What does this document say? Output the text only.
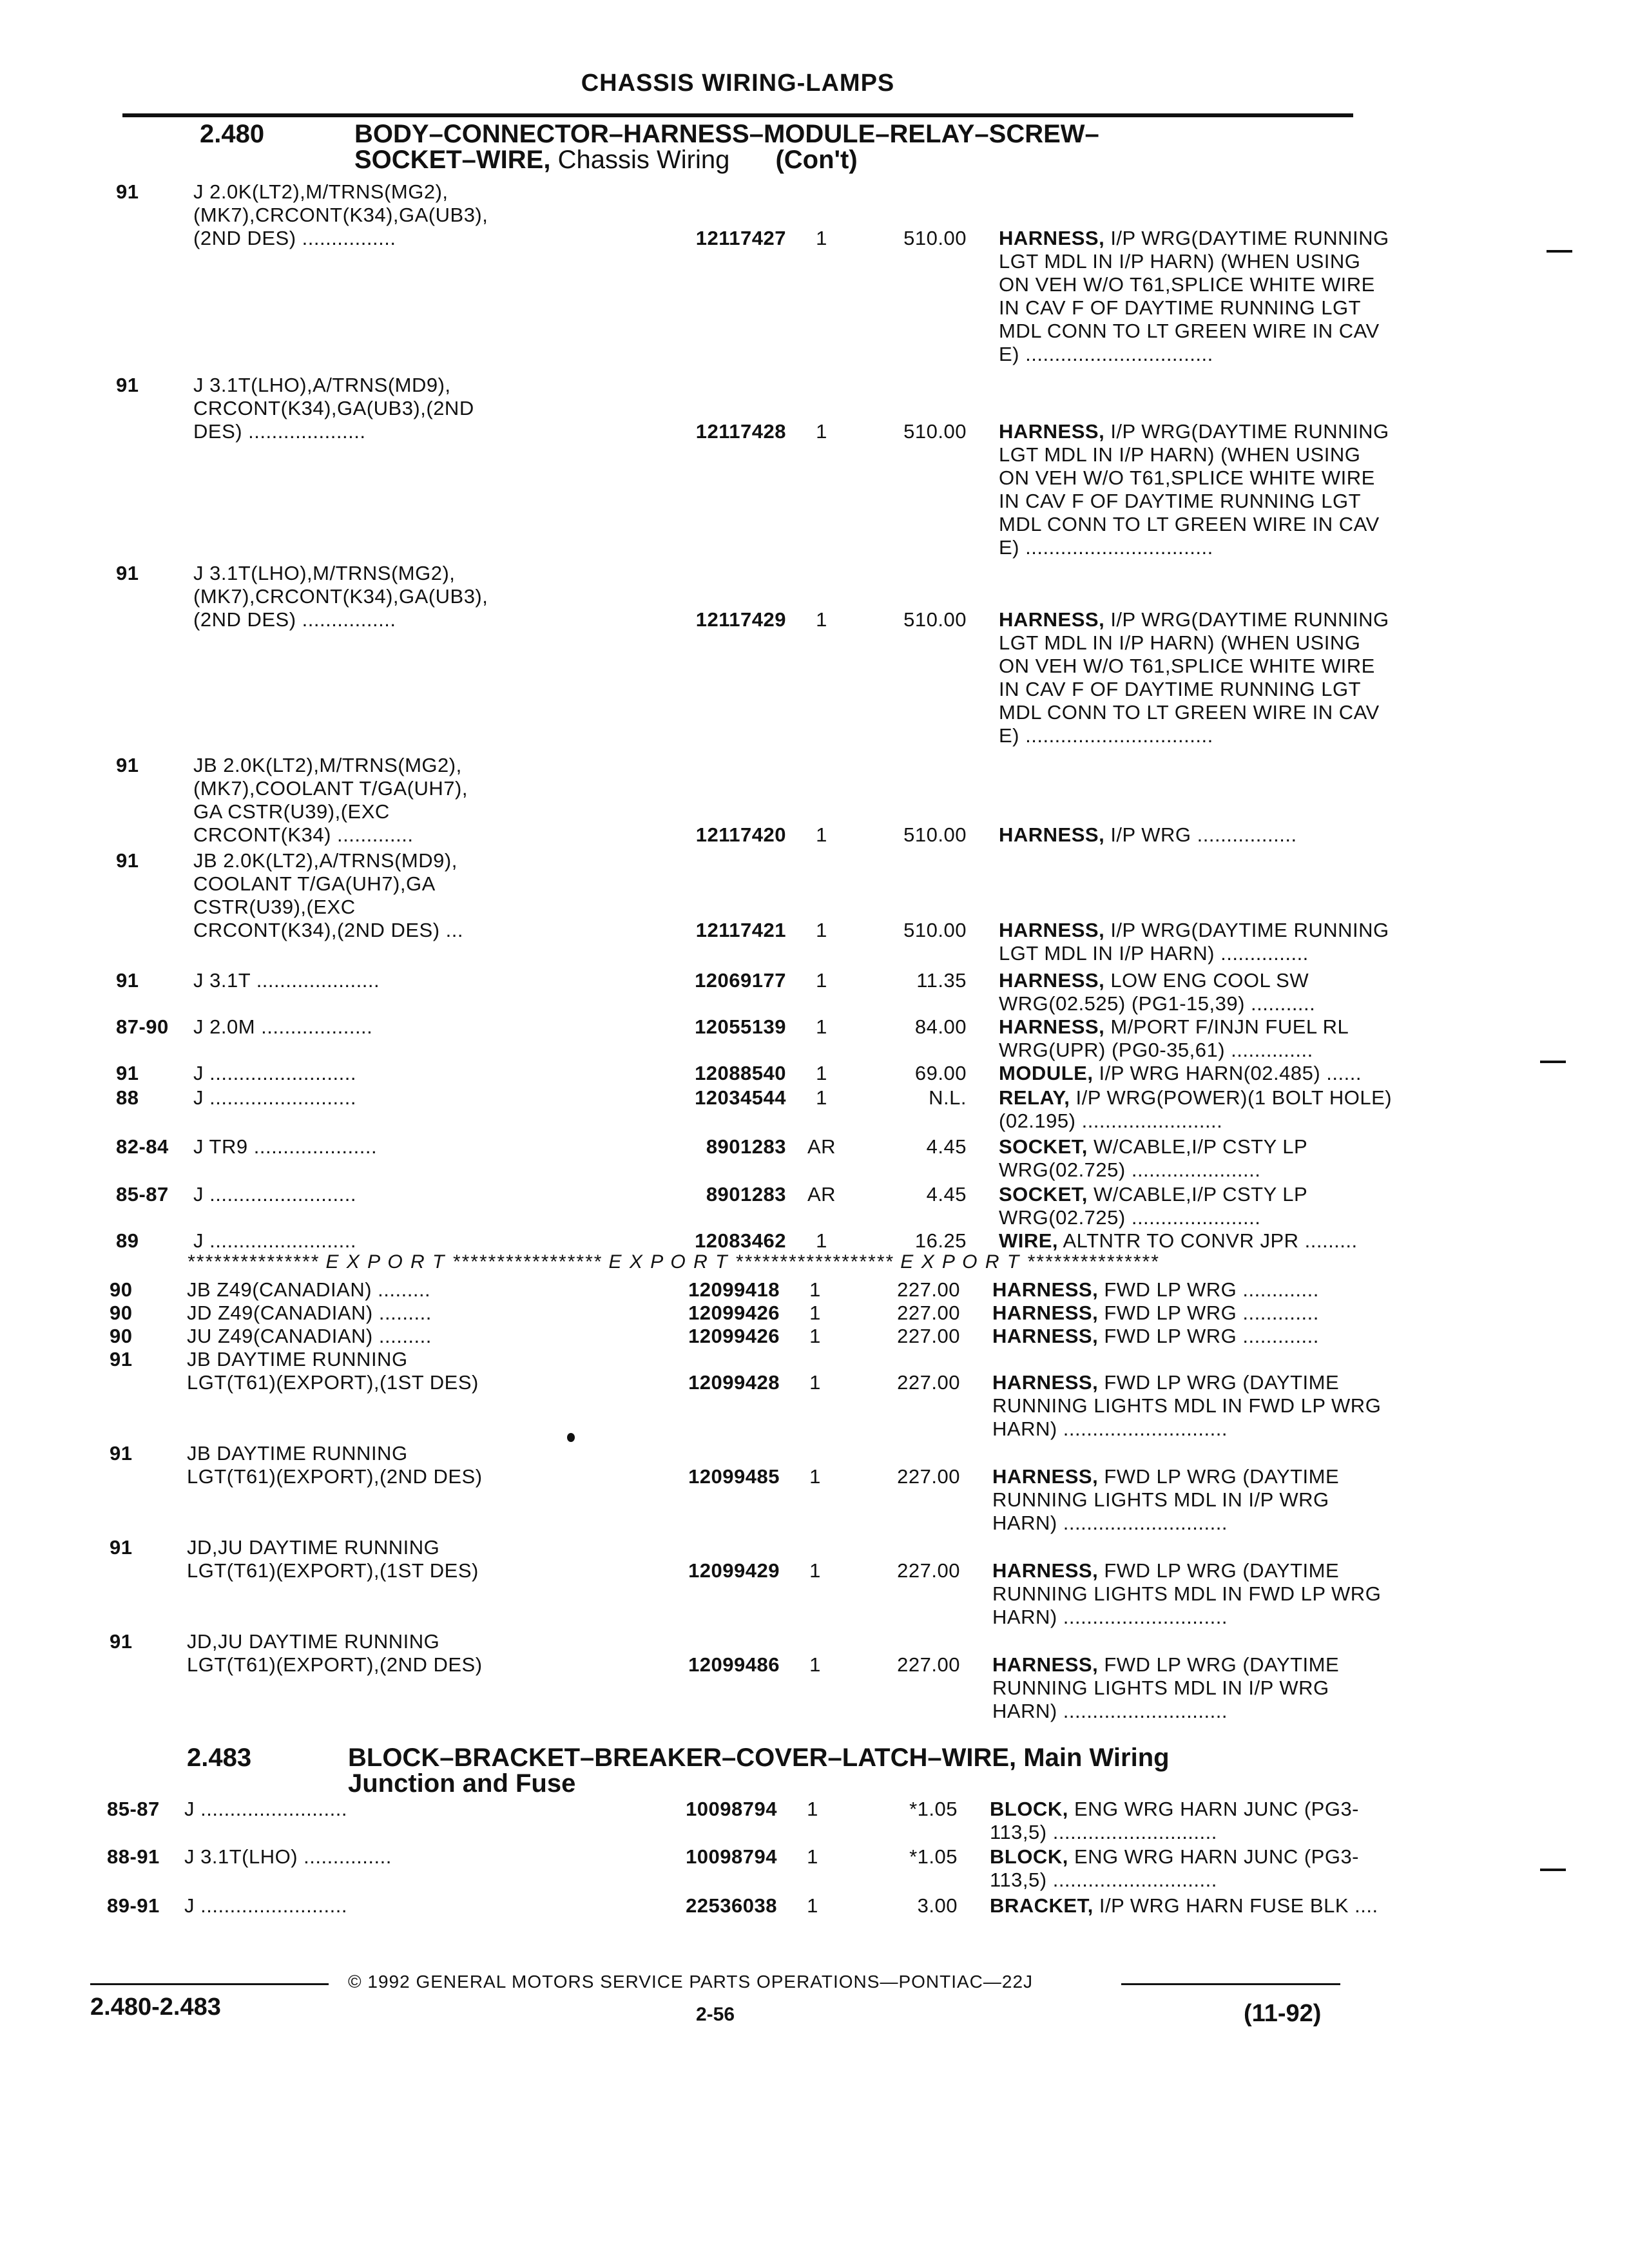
CHASSIS WIRING-LAMPS
2.480	BODY–CONNECTOR–HARNESS–MODULE–RELAY–SCREW–
SOCKET–WIRE, Chassis Wiring (Con't)
91	J 2.0K(LT2),M/TRNS(MG2),
(MK7),CRCONT(K34),GA(UB3),
(2ND DES) ................	12117427	1	510.00 HARNESS, I/P WRG(DAYTIME RUNNING
LGT MDL IN I/P HARN) (WHEN USING
ON VEH W/O T61,SPLICE WHITE WIRE
IN CAV F OF DAYTIME RUNNING LGT
MDL CONN TO LT GREEN WIRE IN CAV
E) ................................
91	J 3.1T(LHO),A/TRNS(MD9),
CRCONT(K34),GA(UB3),(2ND
DES) ....................	12117428	1	510.00 HARNESS, I/P WRG(DAYTIME RUNNING
LGT MDL IN I/P HARN) (WHEN USING
ON VEH W/O T61,SPLICE WHITE WIRE
IN CAV F OF DAYTIME RUNNING LGT
MDL CONN TO LT GREEN WIRE IN CAV
E) ................................
91	J 3.1T(LHO),M/TRNS(MG2),
(MK7),CRCONT(K34),GA(UB3),
(2ND DES) ................	12117429	1	510.00 HARNESS, I/P WRG(DAYTIME RUNNING
LGT MDL IN I/P HARN) (WHEN USING
ON VEH W/O T61,SPLICE WHITE WIRE
IN CAV F OF DAYTIME RUNNING LGT
MDL CONN TO LT GREEN WIRE IN CAV
E) ................................
91	JB 2.0K(LT2),M/TRNS(MG2),
(MK7),COOLANT T/GA(UH7),
GA CSTR(U39),(EXC
CRCONT(K34) .............	12117420	1	510.00 HARNESS, I/P WRG .................
91	JB 2.0K(LT2),A/TRNS(MD9),
COOLANT T/GA(UH7),GA
CSTR(U39),(EXC
CRCONT(K34),(2ND DES) ...	12117421	1	510.00 HARNESS, I/P WRG(DAYTIME RUNNING
LGT MDL IN I/P HARN) ...............
91	J 3.1T .....................	12069177	1	11.35 HARNESS, LOW ENG COOL SW
WRG(02.525) (PG1-15,39) ...........
87-90	J 2.0M ...................	12055139	1	84.00 HARNESS, M/PORT F/INJN FUEL RL
WRG(UPR) (PG0-35,61) ..............
91	J .........................	12088540	1	69.00 MODULE, I/P WRG HARN(02.485) ......
88	J .........................	12034544	1	N.L. RELAY, I/P WRG(POWER)(1 BOLT HOLE)
(02.195) ........................
82-84	J TR9 .....................	8901283	AR	4.45 SOCKET, W/CABLE,I/P CSTY LP
WRG(02.725) ......................
85-87	J .........................	8901283	AR	4.45 SOCKET, W/CABLE,I/P CSTY LP
WRG(02.725) ......................
89	J .........................	12083462	1	16.25 WIRE, ALTNTR TO CONVR JPR .........
*************** E X P O R T ***************** E X P O R T ****************** E X P O R T ***************
90	JB Z49(CANADIAN) .........	12099418	1	227.00 HARNESS, FWD LP WRG .............
90	JD Z49(CANADIAN) .........	12099426	1	227.00 HARNESS, FWD LP WRG .............
90	JU Z49(CANADIAN) .........	12099426	1	227.00 HARNESS, FWD LP WRG .............
91	JB DAYTIME RUNNING
LGT(T61)(EXPORT),(1ST DES)	12099428	1	227.00 HARNESS, FWD LP WRG (DAYTIME
RUNNING LIGHTS MDL IN FWD LP WRG
HARN) ............................
91	JB DAYTIME RUNNING
LGT(T61)(EXPORT),(2ND DES)	12099485	1	227.00 HARNESS, FWD LP WRG (DAYTIME
RUNNING LIGHTS MDL IN I/P WRG
HARN) ............................
91	JD,JU DAYTIME RUNNING
LGT(T61)(EXPORT),(1ST DES)	12099429	1	227.00 HARNESS, FWD LP WRG (DAYTIME
RUNNING LIGHTS MDL IN FWD LP WRG
HARN) ............................
91	JD,JU DAYTIME RUNNING
LGT(T61)(EXPORT),(2ND DES)	12099486	1	227.00 HARNESS, FWD LP WRG (DAYTIME
RUNNING LIGHTS MDL IN I/P WRG
HARN) ............................
2.483	BLOCK–BRACKET–BREAKER–COVER–LATCH–WIRE, Main Wiring
Junction and Fuse
85-87	J .........................	10098794	1	*1.05 BLOCK, ENG WRG HARN JUNC (PG3-
113,5) ............................
88-91	J 3.1T(LHO) ...............	10098794	1	*1.05 BLOCK, ENG WRG HARN JUNC (PG3-
113,5) ............................
89-91	J .........................	22536038	1	3.00 BRACKET, I/P WRG HARN FUSE BLK ....
© 1992 GENERAL MOTORS SERVICE PARTS OPERATIONS—PONTIAC—22J
2.480-2.483	2-56	(11-92)
